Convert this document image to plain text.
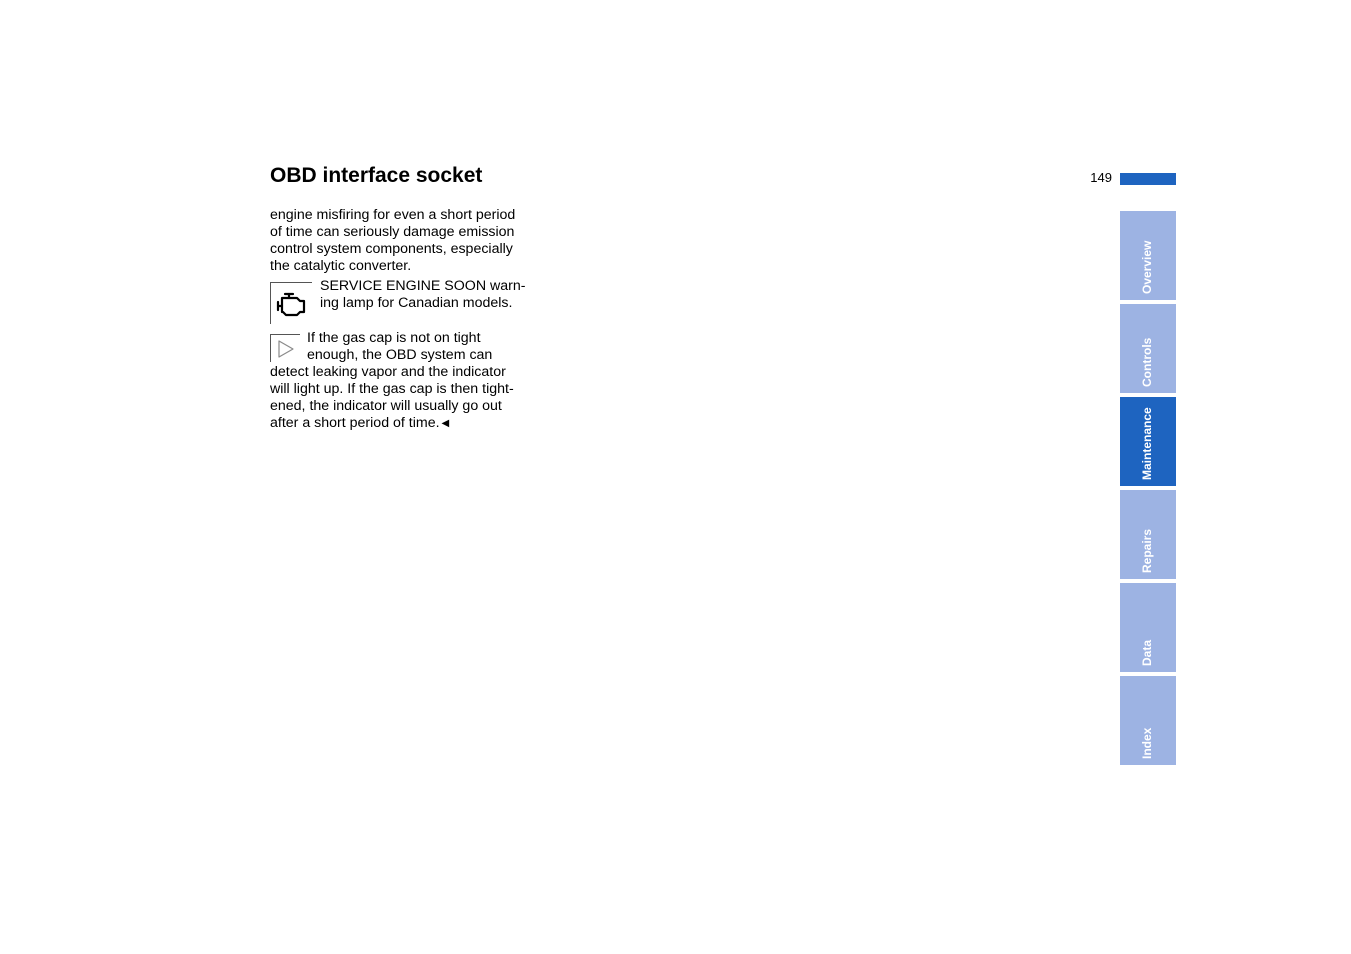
OBD interface socket	149
engine misfiring for even a short period
of time can seriously damage emission
control system components, especially
the catalytic converter.
SERVICE ENGINE SOON warn-
ing lamp for Canadian models.
If the gas cap is not on tight
enough, the OBD system can
detect leaking vapor and the indicator
will light up. If the gas cap is then tight-
ened, the indicator will usually go out
after a short period of time. ◀
Overview
Controls
Maintenance
Repairs
Data
Index
